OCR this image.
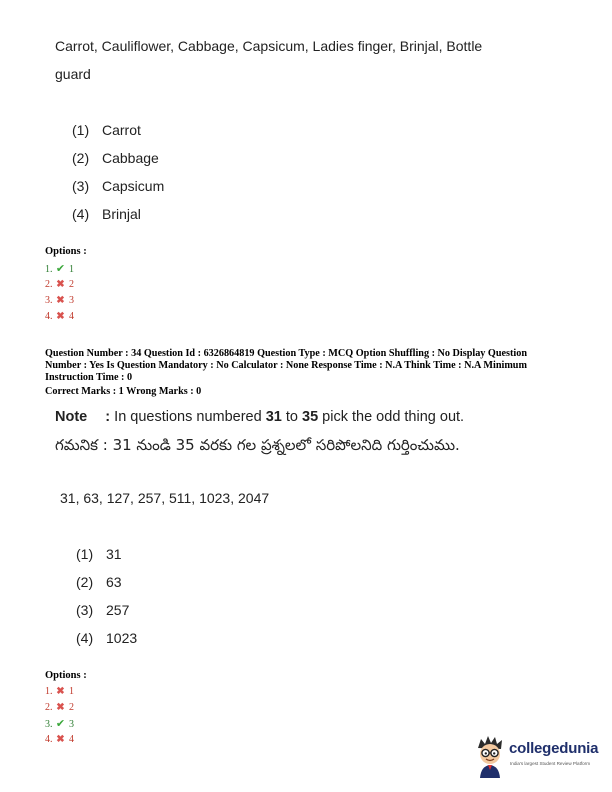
Carrot, Cauliflower, Cabbage, Capsicum, Ladies finger, Brinjal, Bottle
guard
(1) Carrot
(2) Cabbage
(3) Capsicum
(4) Brinjal
Options :
1. ✔ 1
2. ✖ 2
3. ✖ 3
4. ✖ 4
Question Number : 34 Question Id : 6326864819 Question Type : MCQ Option Shuffling : No Display Question
Number : Yes Is Question Mandatory : No Calculator : None Response Time : N.A Think Time : N.A Minimum
Instruction Time : 0
Correct Marks : 1 Wrong Marks : 0
Note : In questions numbered 31 to 35 pick the odd thing out.
గమనిక : 31 నుండి 35 వరకు గల ప్రశ్నలలో సరిపోలనిది గుర్తించుము.
31, 63, 127, 257, 511, 1023, 2047
(1) 31
(2) 63
(3) 257
(4) 1023
Options :
1. ✖ 1
2. ✖ 2
3. ✔ 3
4. ✖ 4
collegedunia
India's largest Student Review Platform
